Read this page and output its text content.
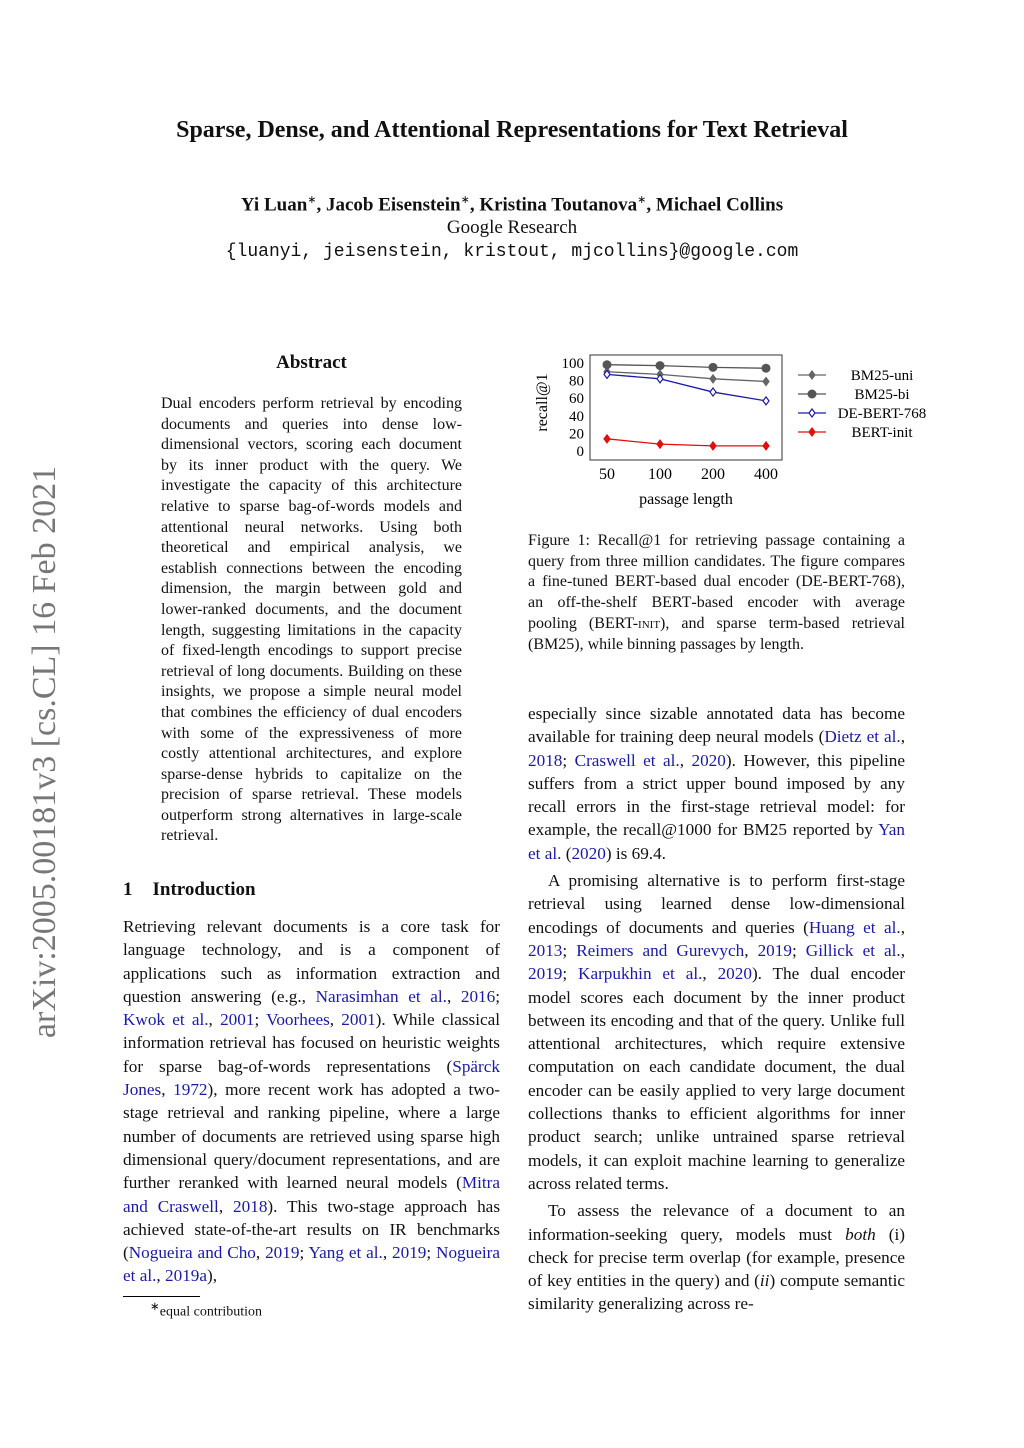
arXiv:2005.00181v3 [cs.CL] 16 Feb 2021
Sparse, Dense, and Attentional Representations for Text Retrieval
Yi Luan∗, Jacob Eisenstein∗, Kristina Toutanova∗, Michael Collins
Google Research
{luanyi, jeisenstein, kristout, mjcollins}@google.com
Abstract
Dual encoders perform retrieval by encoding documents and queries into dense low-dimensional vectors, scoring each document by its inner product with the query. We investigate the capacity of this architecture relative to sparse bag-of-words models and attentional neural networks. Using both theoretical and empirical analysis, we establish connections between the encoding dimension, the margin between gold and lower-ranked documents, and the document length, suggesting limitations in the capacity of fixed-length encodings to support precise retrieval of long documents. Building on these insights, we propose a simple neural model that combines the efficiency of dual encoders with some of the expressiveness of more costly attentional architectures, and explore sparse-dense hybrids to capitalize on the precision of sparse retrieval. These models outperform strong alternatives in large-scale retrieval.
1 Introduction

Retrieving relevant documents is a core task for language technology, and is a component of applications such as information extraction and question answering (e.g., Narasimhan et al., 2016; Kwok et al., 2001; Voorhees, 2001). While classical information retrieval has focused on heuristic weights for sparse bag-of-words representations (Spärck Jones, 1972), more recent work has adopted a two-stage retrieval and ranking pipeline, where a large number of documents are retrieved using sparse high dimensional query/document representations, and are further reranked with learned neural models (Mitra and Craswell, 2018). This two-stage approach has achieved state-of-the-art results on IR benchmarks (Nogueira and Cho, 2019; Yang et al., 2019; Nogueira et al., 2019a),

especially since sizable annotated data has become available for training deep neural models (Dietz et al., 2018; Craswell et al., 2020). However, this pipeline suffers from a strict upper bound imposed by any recall errors in the first-stage retrieval model: for example, the recall@1000 for BM25 reported by Yan et al. (2020) is 69.4.

A promising alternative is to perform first-stage retrieval using learned dense low-dimensional encodings of documents and queries (Huang et al., 2013; Reimers and Gurevych, 2019; Gillick et al., 2019; Karpukhin et al., 2020). The dual encoder model scores each document by the inner product between its encoding and that of the query. Unlike full attentional architectures, which require extensive computation on each candidate document, the dual encoder can be easily applied to very large document collections thanks to efficient algorithms for inner product search; unlike untrained sparse retrieval models, it can exploit machine learning to generalize across related terms.

To assess the relevance of a document to an information-seeking query, models must both (i) check for precise term overlap (for example, presence of key entities in the query) and (ii) compute semantic similarity generalizing across re-

0
20
40
60
80
100
50 100 200 400
passage length
recall@1	BM25-uni
BM25-bi
DE-BERT-768
BERT-init
Figure 1: Recall@1 for retrieving passage containing a query from three million candidates. The figure compares a fine-tuned BERT-based dual encoder (DE-BERT-768), an off-the-shelf BERT-based encoder with average pooling (BERT-init), and sparse term-based retrieval (BM25), while binning passages by length.
∗equal contribution
